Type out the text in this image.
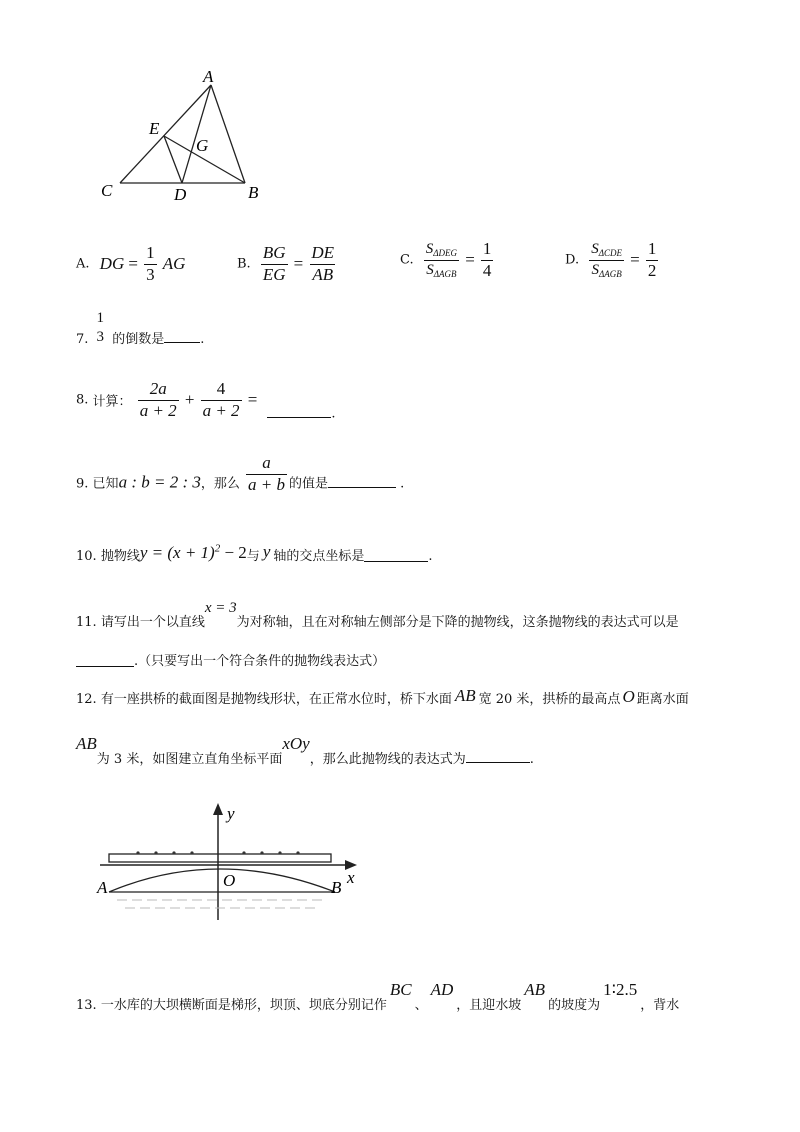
A
E
G
C	D	B
A. DG = $\frac{1}{3}$ AG	B. $\frac{BG}{EG} = \frac{DE}{AB}$	C. $\frac{S_{\Delta DEG}}{S_{\Delta AGB}} = \frac{1}{4}$	D. $\frac{S_{\Delta CDE}}{S_{\Delta AGB}} = \frac{1}{2}$
7.
1
3 的倒数是	.
8. 计算： $\frac{2a}{a + 2} + \frac{4}{a + 2}$ = .
9. 已知a : b = 2 : 3，那么 $\frac{a}{a + b}$ 的值是	.
10. 抛物线$y = (x + 1)^2 - 2$与 y 轴的交点坐标是	.
11. 请写出一个以直线x = 3为对称轴，且在对称轴左侧部分是下降的抛物线，这条抛物线的表达式可以是
.（只要写出一个符合条件的抛物线表达式）
12. 有一座拱桥的截面图是抛物线形状，在正常水位时，桥下水面 AB 宽 20 米，拱桥的最高点 O 距离水面
AB为 3 米，如图建立直角坐标平面xOy，那么此抛物线的表达式为	.
y
x
O
A	B
13. 一水库的大坝横断面是梯形，坝顶、坝底分别记作BC、AD，且迎水坡AB的坡度为1∶2.5，背水
